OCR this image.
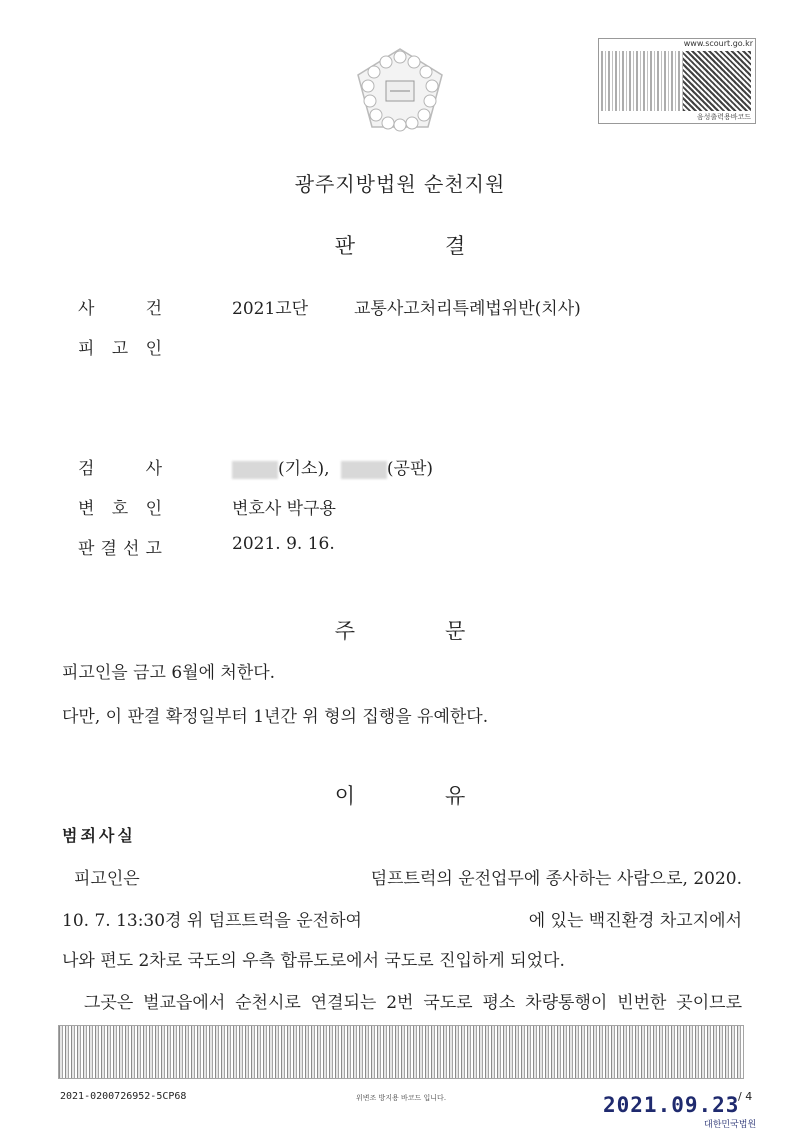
www.scourt.go.kr
음성출력용바코드
광주지방법원 순천지원
판	결
사	건	2021고단	교통사고처리특례법위반(치사)
피 고 인
검	사	(기소),	(공판)
변 호 인	변호사 박구용
판 결 선 고	2021. 9. 16.
주	문
피고인을 금고 6월에 처한다.
다만, 이 판결 확정일부터 1년간 위 형의 집행을 유예한다.
이	유
범죄사실
피고인은	덤프트럭의 운전업무에 종사하는 사람으로, 2020.
10. 7. 13:30경 위 덤프트럭을 운전하여	에 있는 백진환경 차고지에서
나와 편도 2차로 국도의 우측 합류도로에서 국도로 진입하게 되었다.
그곳은 벌교읍에서 순천시로 연결되는 2번 국도로 평소 차량통행이 빈번한 곳이므로
2021-0200726952-5CP68	위변조 방지용 바코드 입니다.	2021.09.23
/ 4
대한민국법원
